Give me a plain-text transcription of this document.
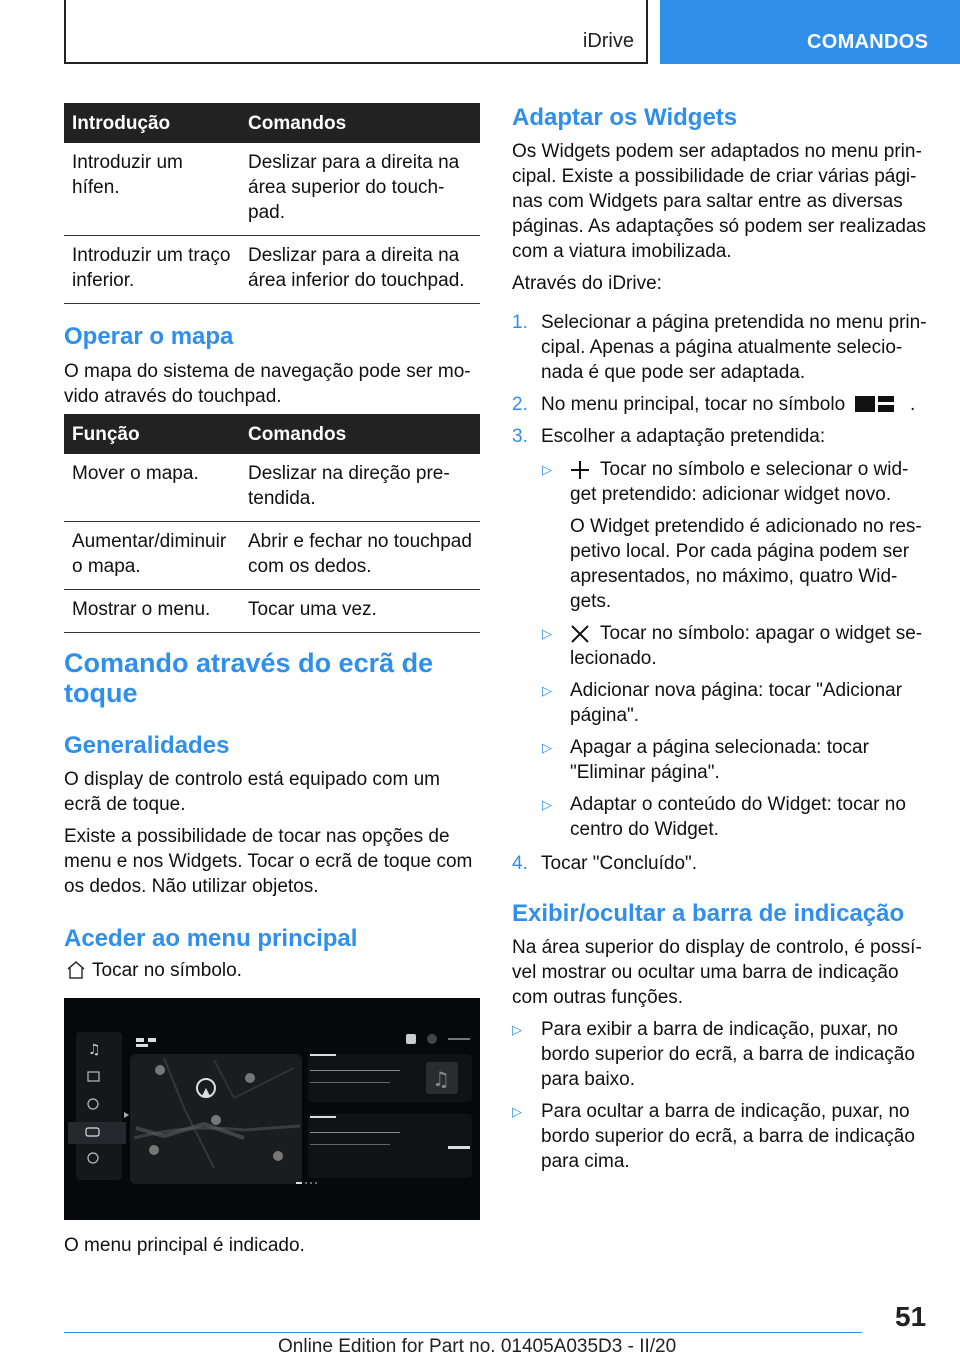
iDrive	COMANDOS
Introdução	Comandos
Introduzir um hífen.	Deslizar para a direita na área superior do touch-
pad.
Introduzir um traço inferior.	Deslizar para a direita na área inferior do touchpad.
Operar o mapa

O mapa do sistema de navegação pode ser mo-vido através do touchpad.

Função	Comandos
Mover o mapa.	Deslizar na direção pre-tendida.
Aumentar/diminuir o mapa.	Abrir e fechar no touchpad com os dedos.
Mostrar o menu.	Tocar uma vez.
Comando através do ecrã de toque
Generalidades

O display de controlo está equipado com um ecrã de toque.

Existe a possibilidade de tocar nas opções de menu e nos Widgets. Tocar o ecrã de toque com os dedos. Não utilizar objetos.

Aceder ao menu principal

Tocar no símbolo.

♫
♫

O menu principal é indicado.

Adaptar os Widgets

Os Widgets podem ser adaptados no menu prin-cipal. Existe a possibilidade de criar várias pági-nas com Widgets para saltar entre as diversas páginas. As adaptações só podem ser realizadas com a viatura imobilizada.

Através do iDrive:

1. Selecionar a página pretendida no menu prin-cipal. Apenas a página atualmente selecio-nada é que pode ser adaptada.
2. No menu principal, tocar no símbolo	.
3. Escolher a adaptação pretendida:
▷	Tocar no símbolo e selecionar o wid-get pretendido: adicionar widget novo.
O Widget pretendido é adicionado no res-petivo local. Por cada página podem ser apresentados, no máximo, quatro Wid-gets.
▷	Tocar no símbolo: apagar o widget se-lecionado.
▷ Adicionar nova página: tocar "Adicionar página".
▷ Apagar a página selecionada: tocar "Eliminar página".
▷ Adaptar o conteúdo do Widget: tocar no centro do Widget.
4. Tocar "Concluído".
Exibir/ocultar a barra de indicação

Na área superior do display de controlo, é possí-vel mostrar ou ocultar uma barra de indicação com outras funções.

▷ Para exibir a barra de indicação, puxar, no bordo superior do ecrã, a barra de indicação para baixo.
▷ Para ocultar a barra de indicação, puxar, no bordo superior do ecrã, a barra de indicação para cima.
51
Online Edition for Part no. 01405A035D3 - II/20
